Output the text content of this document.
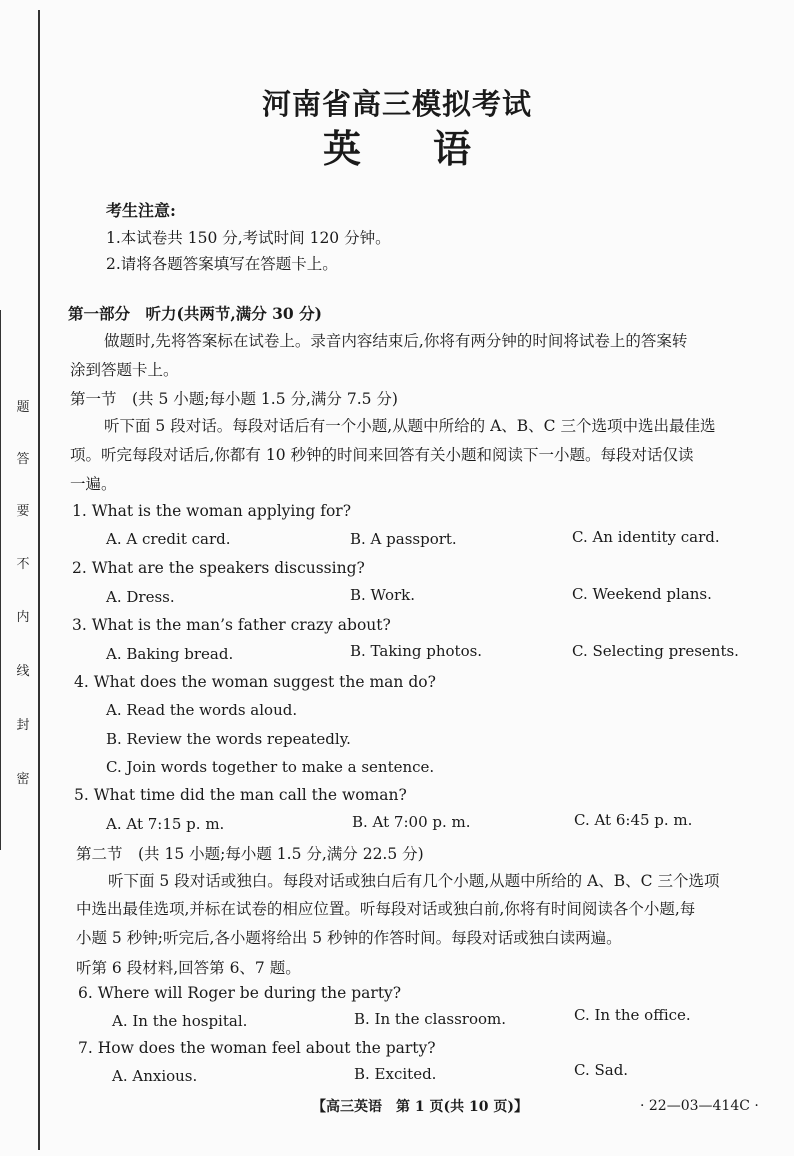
题
答
要
不
内
线
封
密
河南省高三模拟考试
英 语
考生注意:
1.本试卷共 150 分,考试时间 120 分钟。
2.请将各题答案填写在答题卡上。
第一部分　听力(共两节,满分 30 分)
做题时,先将答案标在试卷上。录音内容结束后,你将有两分钟的时间将试卷上的答案转
涂到答题卡上。
第一节　(共 5 小题;每小题 1.5 分,满分 7.5 分)
听下面 5 段对话。每段对话后有一个小题,从题中所给的 A、B、C 三个选项中选出最佳选
项。听完每段对话后,你都有 10 秒钟的时间来回答有关小题和阅读下一小题。每段对话仅读
一遍。
1. What is the woman applying for?
A. A credit card.	B. A passport.	C. An identity card.
2. What are the speakers discussing?
A. Dress.	B. Work.	C. Weekend plans.
3. What is the man’s father crazy about?
A. Baking bread.	B. Taking photos.	C. Selecting presents.
4. What does the woman suggest the man do?
A. Read the words aloud.
B. Review the words repeatedly.
C. Join words together to make a sentence.
5. What time did the man call the woman?
A. At 7:15 p. m.	B. At 7:00 p. m.	C. At 6:45 p. m.
第二节　(共 15 小题;每小题 1.5 分,满分 22.5 分)
听下面 5 段对话或独白。每段对话或独白后有几个小题,从题中所给的 A、B、C 三个选项
中选出最佳选项,并标在试卷的相应位置。听每段对话或独白前,你将有时间阅读各个小题,每
小题 5 秒钟;听完后,各小题将给出 5 秒钟的作答时间。每段对话或独白读两遍。
听第 6 段材料,回答第 6、7 题。
6. Where will Roger be during the party?
A. In the hospital.	B. In the classroom.	C. In the office.
7. How does the woman feel about the party?
A. Anxious.	B. Excited.	C. Sad.
【高三英语　第 1 页(共 10 页)】	· 22—03—414C ·
